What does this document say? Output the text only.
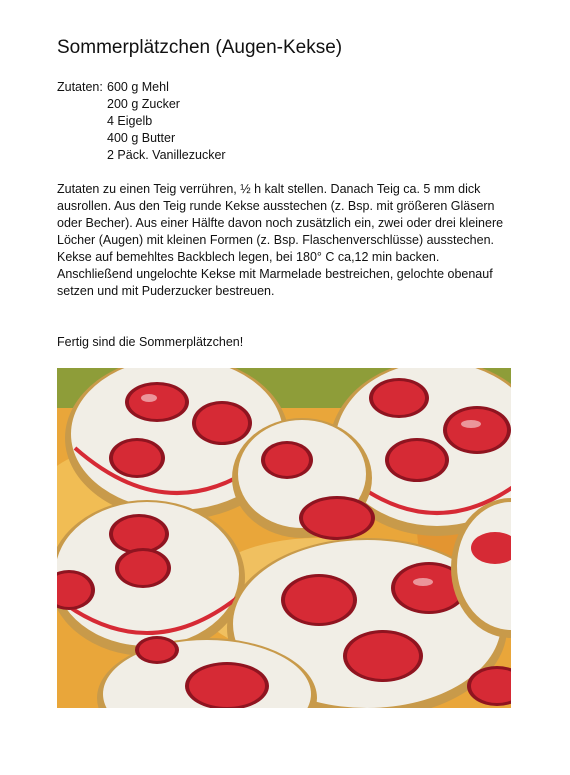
Sommerplätzchen (Augen-Kekse)
Zutaten: 600 g Mehl
200 g Zucker
4 Eigelb
400 g Butter
2 Päck. Vanillezucker

Zutaten zu einen Teig verrühren, ½ h kalt stellen. Danach Teig ca. 5 mm dick ausrollen. Aus den Teig runde Kekse ausstechen (z. Bsp. mit größeren Gläsern oder Becher). Aus einer Hälfte davon noch zusätzlich ein, zwei oder drei kleinere Löcher (Augen) mit kleinen Formen (z. Bsp. Flaschenverschlüsse) ausstechen.

Kekse auf bemehltes Backblech legen, bei 180° C ca,12 min backen. Anschließend ungelochte Kekse mit Marmelade bestreichen, gelochte obenauf setzen und mit Puderzucker bestreuen.

Fertig sind die Sommerplätzchen!
